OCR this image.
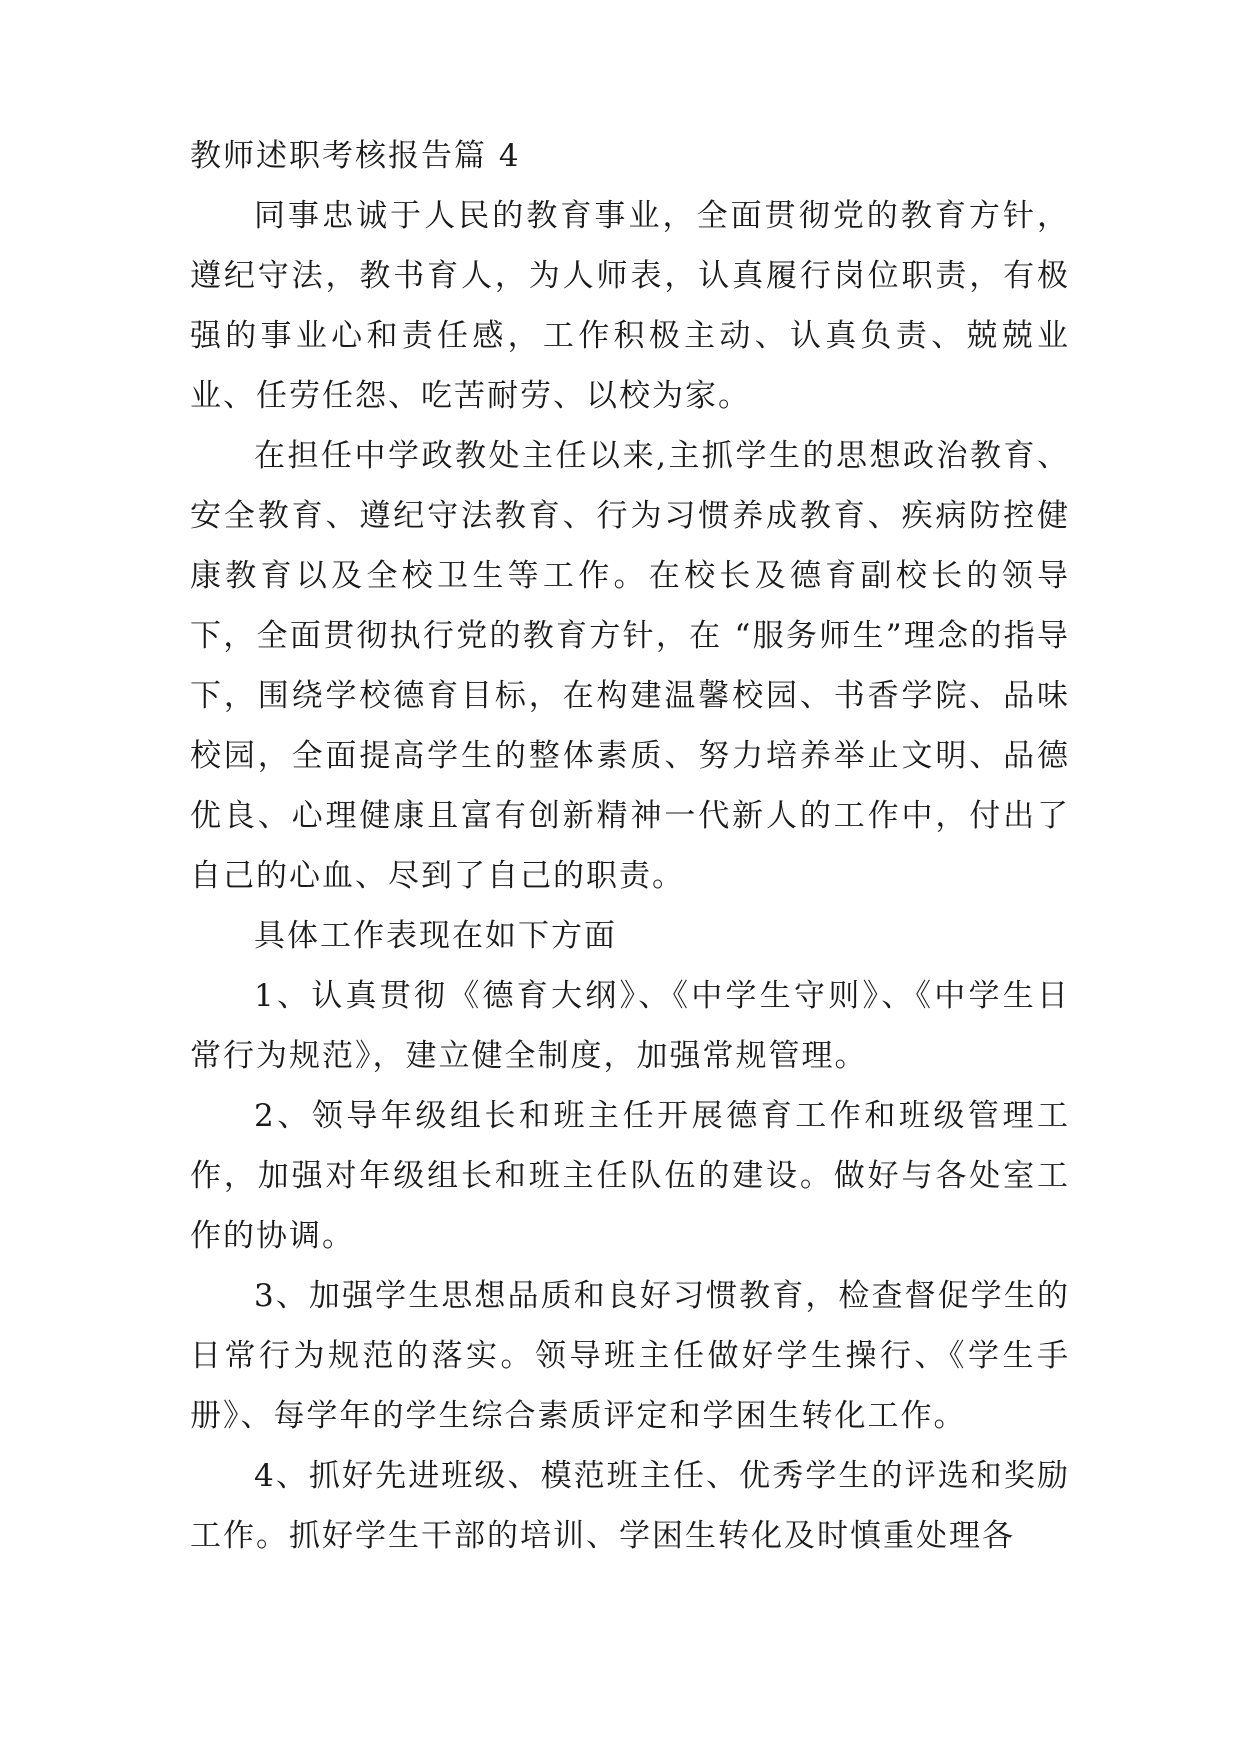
教师述职考核报告篇 4

同事忠诚于人民的教育事业，全面贯彻党的教育方针，遵纪守法，教书育人，为人师表，认真履行岗位职责，有极强的事业心和责任感，工作积极主动、认真负责、兢兢业业、任劳任怨、吃苦耐劳、以校为家。

在担任中学政教处主任以来,主抓学生的思想政治教育、安全教育、遵纪守法教育、行为习惯养成教育、疾病防控健康教育以及全校卫生等工作。在校长及德育副校长的领导下，全面贯彻执行党的教育方针，在 “服务师生”理念的指导下，围绕学校德育目标，在构建温馨校园、书香学院、品味校园，全面提高学生的整体素质、努力培养举止文明、品德优良、心理健康且富有创新精神一代新人的工作中，付出了自己的心血、尽到了自己的职责。

具体工作表现在如下方面

1、认真贯彻《德育大纲》、《中学生守则》、《中学生日常行为规范》，建立健全制度，加强常规管理。

2、领导年级组长和班主任开展德育工作和班级管理工作，加强对年级组长和班主任队伍的建设。做好与各处室工作的协调。

3、加强学生思想品质和良好习惯教育，检查督促学生的日常行为规范的落实。领导班主任做好学生操行、《学生手册》、每学年的学生综合素质评定和学困生转化工作。

4、抓好先进班级、模范班主任、优秀学生的评选和奖励工作。抓好学生干部的培训、学困生转化及时慎重处理各
